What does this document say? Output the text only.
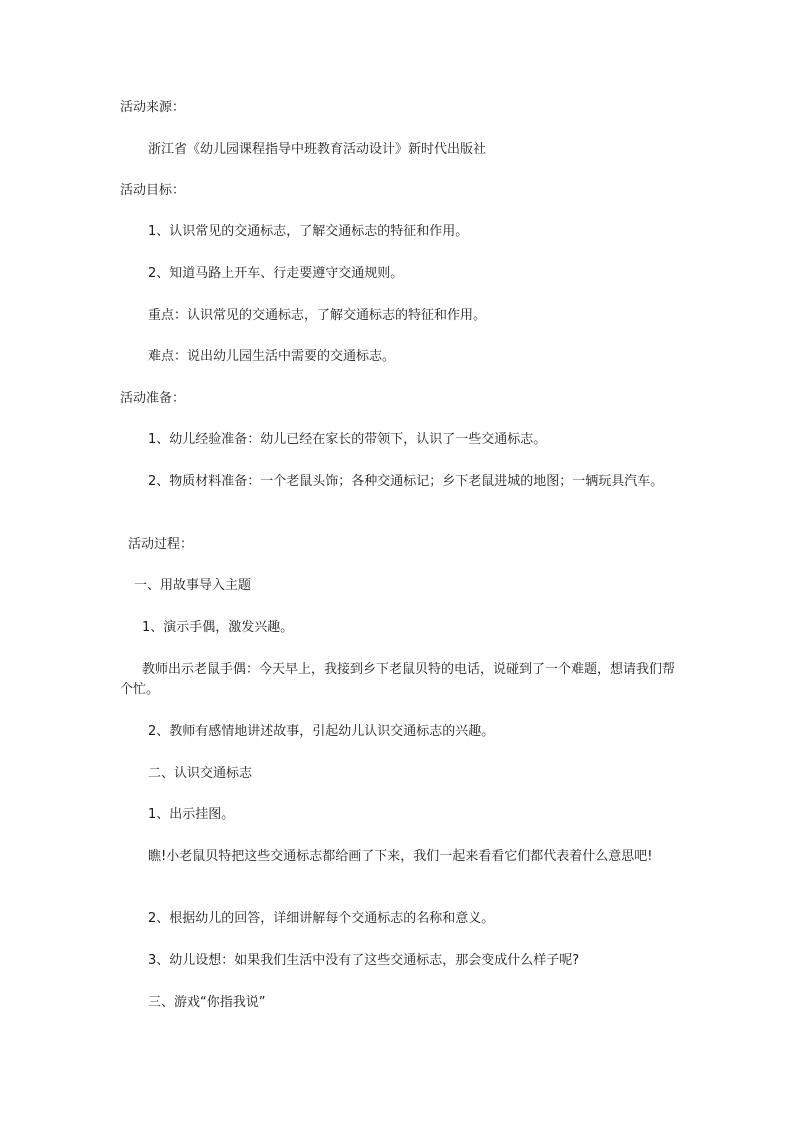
活动来源：

浙江省《幼儿园课程指导中班教育活动设计》新时代出版社

活动目标：

1、认识常见的交通标志，了解交通标志的特征和作用。

2、知道马路上开车、行走要遵守交通规则。

重点：认识常见的交通标志，了解交通标志的特征和作用。

难点：说出幼儿园生活中需要的交通标志。

活动准备：

1、幼儿经验准备：幼儿已经在家长的带领下，认识了一些交通标志。

2、物质材料准备：一个老鼠头饰；各种交通标记；乡下老鼠进城的地图；一辆玩具汽车。

活动过程：

一、用故事导入主题

1、演示手偶，激发兴趣。

教师出示老鼠手偶：今天早上，我接到乡下老鼠贝特的电话，说碰到了一个难题，想请我们帮个忙。

2、教师有感情地讲述故事，引起幼儿认识交通标志的兴趣。

二、认识交通标志

1、出示挂图。

瞧!小老鼠贝特把这些交通标志都给画了下来，我们一起来看看它们都代表着什么意思吧!

2、根据幼儿的回答，详细讲解每个交通标志的名称和意义。

3、幼儿设想：如果我们生活中没有了这些交通标志，那会变成什么样子呢?

三、游戏“你指我说”
